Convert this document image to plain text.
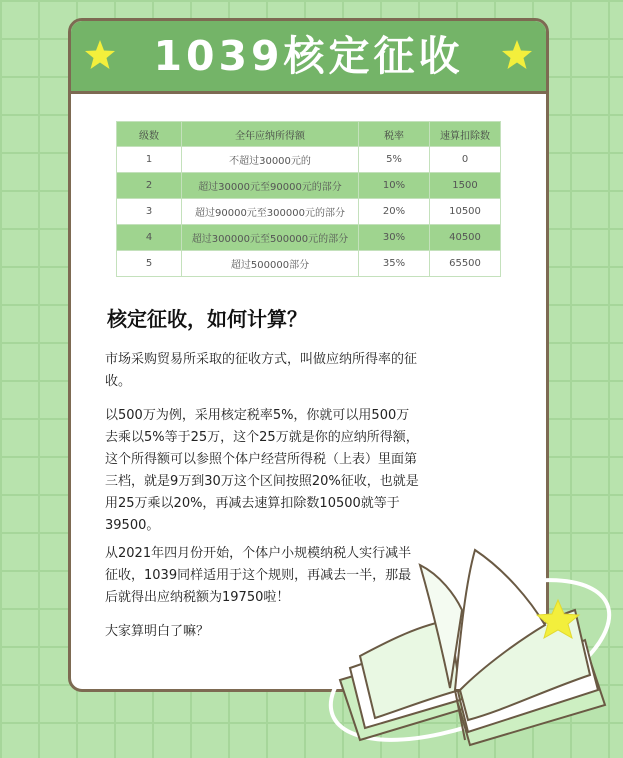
1039核定征收
级数	全年应纳所得额	税率	速算扣除数
1	不超过30000元的	5%	0
2	超过30000元至90000元的部分	10%	1500
3	超过90000元至300000元的部分	20%	10500
4	超过300000元至500000元的部分	30%	40500
5	超过500000部分	35%	65500
核定征收，如何计算？
市场采购贸易所采取的征收方式，叫做应纳所得率的征
收。
以500万为例，采用核定税率5%，你就可以用500万
去乘以5%等于25万，这个25万就是你的应纳所得额，
这个所得额可以参照个体户经营所得税（上表）里面第
三档，就是9万到30万这个区间按照20%征收，也就是
用25万乘以20%，再减去速算扣除数10500就等于
39500。
从2021年四月份开始，个体户小规模纳税人实行减半
征收，1039同样适用于这个规则，再减去一半，那最
后就得出应纳税额为19750啦！
大家算明白了嘛？
